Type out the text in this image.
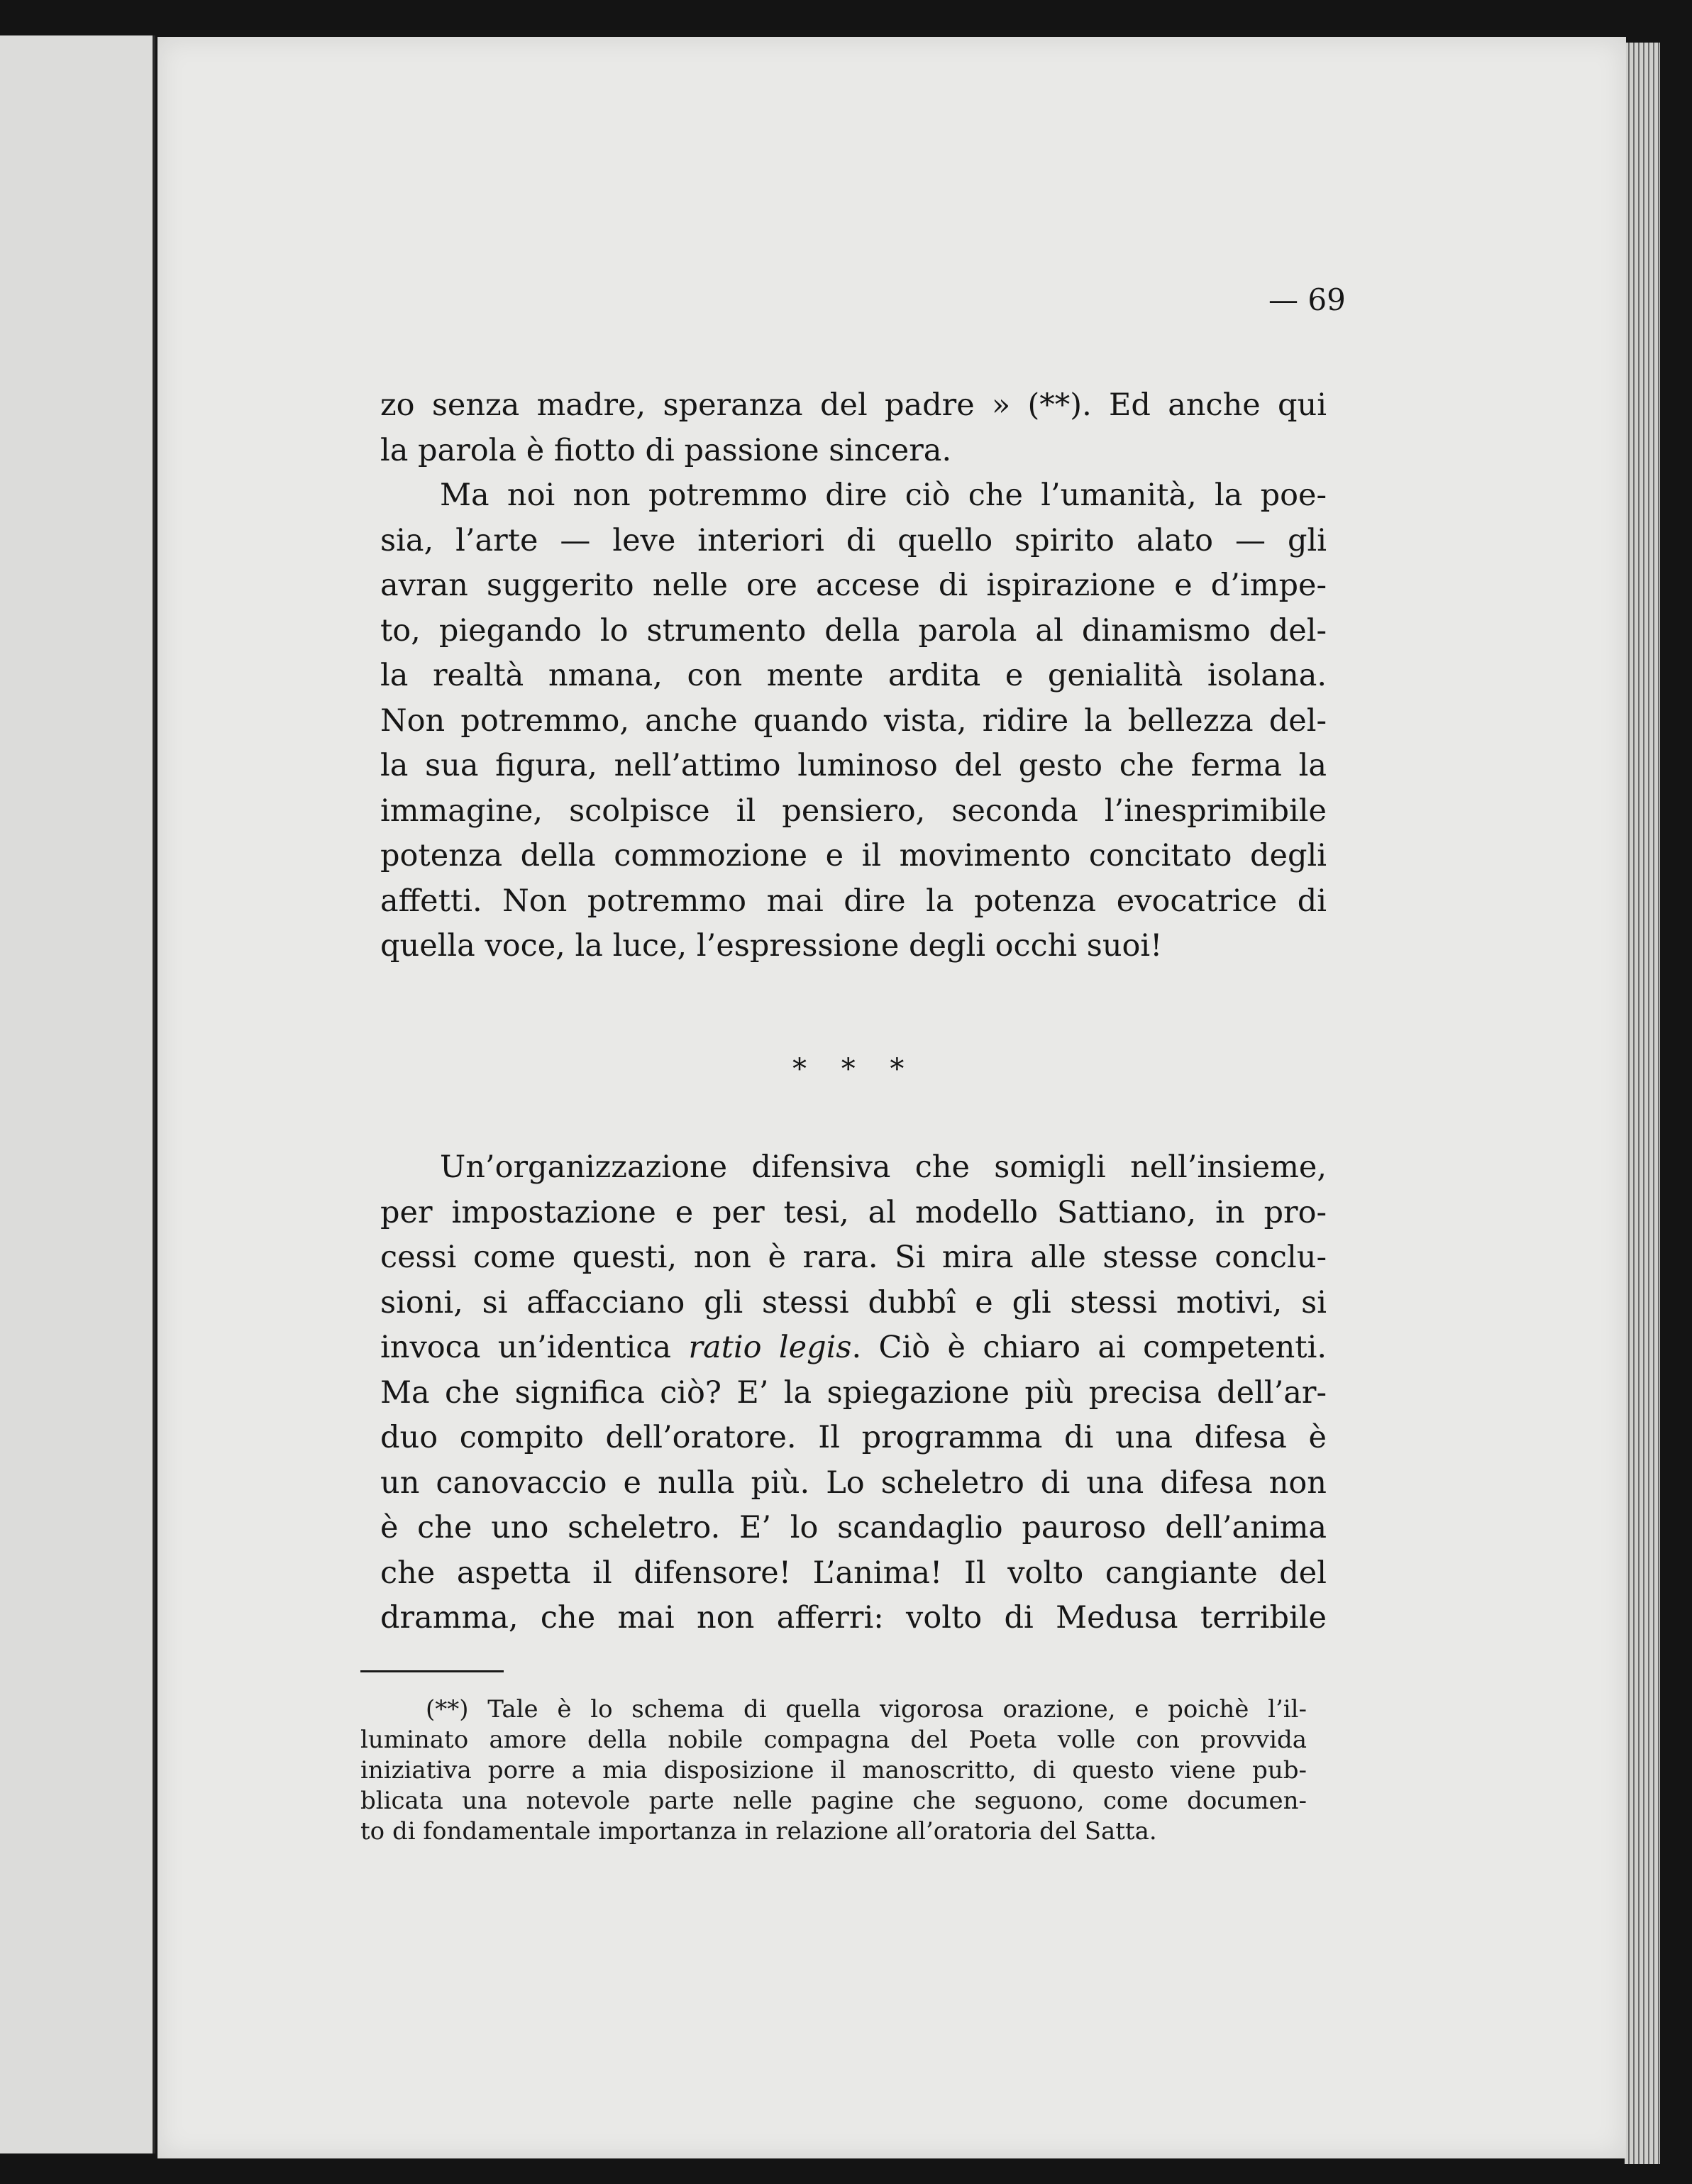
— 69

zo senza madre, speranza del padre » (**). Ed anche qui
la parola è fiotto di passione sincera.
Ma noi non potremmo dire ciò che l’umanità, la poe-
sia, l’arte — leve interiori di quello spirito alato — gli
avran suggerito nelle ore accese di ispirazione e d’impe-
to, piegando lo strumento della parola al dinamismo del-
la realtà nmana, con mente ardita e genialità isolana.
Non potremmo, anche quando vista, ridire la bellezza del-
la sua figura, nell’attimo luminoso del gesto che ferma la
immagine, scolpisce il pensiero, seconda l’inesprimibile
potenza della commozione e il movimento concitato degli
affetti. Non potremmo mai dire la potenza evocatrice di
quella voce, la luce, l’espressione degli occhi suoi!

* * *

Un’organizzazione difensiva che somigli nell’insieme,
per impostazione e per tesi, al modello Sattiano, in pro-
cessi come questi, non è rara. Si mira alle stesse conclu-
sioni, si affacciano gli stessi dubbî e gli stessi motivi, si
invoca un’identica ratio legis. Ciò è chiaro ai competenti.
Ma che significa ciò? E’ la spiegazione più precisa dell’ar-
duo compito dell’oratore. Il programma di una difesa è
un canovaccio e nulla più. Lo scheletro di una difesa non
è che uno scheletro. E’ lo scandaglio pauroso dell’anima
che aspetta il difensore! L’anima! Il volto cangiante del
dramma, che mai non afferri: volto di Medusa terribile
(**) Tale è lo schema di quella vigorosa orazione, e poichè l’il-
luminato amore della nobile compagna del Poeta volle con provvida
iniziativa porre a mia disposizione il manoscritto, di questo viene pub-
blicata una notevole parte nelle pagine che seguono, come documen-
to di fondamentale importanza in relazione all’oratoria del Satta.
